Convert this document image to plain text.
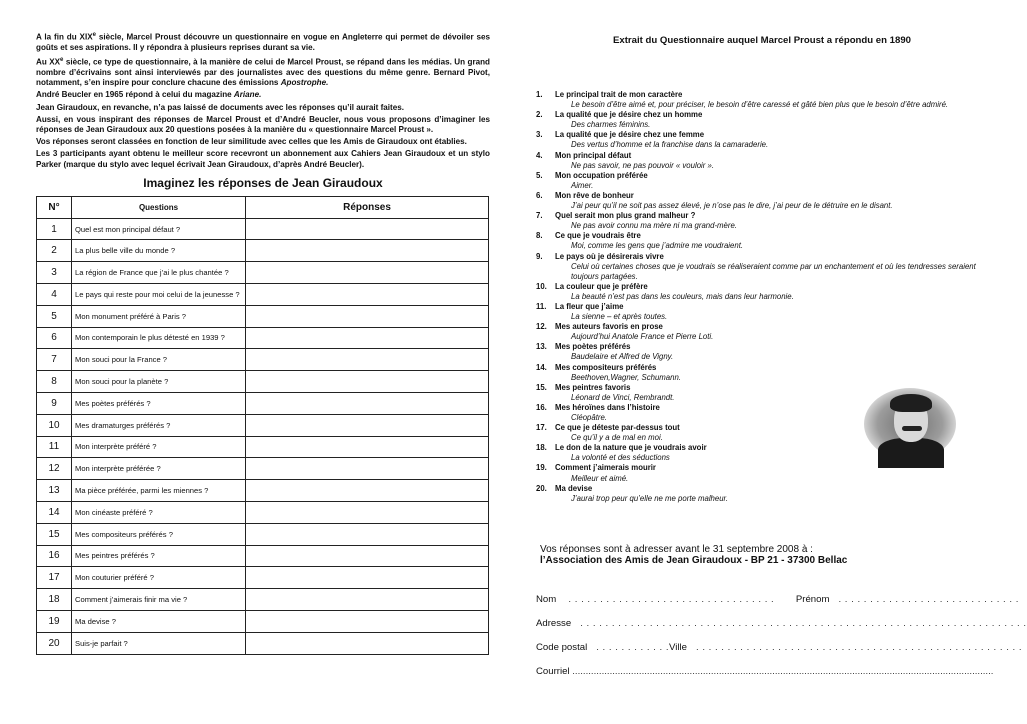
A la fin du XIXe siècle, Marcel Proust découvre un questionnaire en vogue en Angleterre qui permet de dévoiler ses goûts et ses aspirations. Il y répondra à plusieurs reprises durant sa vie.

Au XXe siècle, ce type de questionnaire, à la manière de celui de Marcel Proust, se répand dans les médias. Un grand nombre d’écrivains sont ainsi interviewés par des journalistes avec des questions du même genre. Bernard Pivot, notamment, s’en inspire pour conclure chacune des émissions Apostrophe.

André Beucler en 1965 répond à celui du magazine Ariane.

Jean Giraudoux, en revanche, n’a pas laissé de documents avec les réponses qu’il aurait faites.

Aussi, en vous inspirant des réponses de Marcel Proust et d’André Beucler, nous vous proposons d’imaginer les réponses de Jean Giraudoux aux 20 questions posées à la manière du « questionnaire Marcel Proust ».

Vos réponses seront classées en fonction de leur similitude avec celles que les Amis de Giraudoux ont établies.

Les 3 participants ayant obtenu le meilleur score recevront un abonnement aux Cahiers Jean Giraudoux et un stylo Parker (marque du stylo avec lequel écrivait Jean Giraudoux, d’après André Beucler).

Imaginez les réponses de Jean Giraudoux
N°	Questions	Réponses
1	Quel est mon principal défaut ?	
2	La plus belle ville du monde ?	
3	La région de France que j’ai le plus chantée ?	
4	Le pays qui reste pour moi celui de la jeunesse ?	
5	Mon monument préféré à Paris ?	
6	Mon contemporain le plus détesté en 1939 ?	
7	Mon souci pour la France ?	
8	Mon souci pour la planète ?	
9	Mes poètes préférés ?	
10	Mes dramaturges préférés ?	
11	Mon interprète préféré ?	
12	Mon interprète préférée ?	
13	Ma pièce préférée, parmi les miennes ?	
14	Mon cinéaste préféré ?	
15	Mes compositeurs préférés ?	
16	Mes peintres préférés ?	
17	Mon couturier préféré ?	
18	Comment j’aimerais finir ma vie ?	
19	Ma devise ?	
20	Suis-je parfait ?	
Extrait du Questionnaire auquel Marcel Proust a répondu en 1890
1. Le principal trait de mon caractère
Le besoin d’être aimé et, pour préciser, le besoin d’être caressé et gâté bien plus que le besoin d’être admiré.
2. La qualité que je désire chez un homme
Des charmes féminins.
3. La qualité que je désire chez une femme
Des vertus d’homme et la franchise dans la camaraderie.
4. Mon principal défaut
Ne pas savoir, ne pas pouvoir « vouloir ».
5. Mon occupation préférée
Aimer.
6. Mon rêve de bonheur
J’ai peur qu’il ne soit pas assez élevé, je n’ose pas le dire, j’ai peur de le détruire en le disant.
7. Quel serait mon plus grand malheur ?
Ne pas avoir connu ma mère ni ma grand-mère.
8. Ce que je voudrais être
Moi, comme les gens que j’admire me voudraient.
9. Le pays où je désirerais vivre
Celui où certaines choses que je voudrais se réaliseraient comme par un enchantement et où les tendresses seraient toujours partagées.
10. La couleur que je préfère
La beauté n’est pas dans les couleurs, mais dans leur harmonie.
11. La fleur que j’aime
La sienne – et après toutes.
12. Mes auteurs favoris en prose
Aujourd’hui Anatole France et Pierre Loti.
13. Mes poètes préférés
Baudelaire et Alfred de Vigny.
14. Mes compositeurs préférés
Beethoven,Wagner, Schumann.
15. Mes peintres favoris
Léonard de Vinci, Rembrandt.
16. Mes héroïnes dans l’histoire
Cléopâtre.
17. Ce que je déteste par-dessus tout
Ce qu’il y a de mal en moi.
18. Le don de la nature que je voudrais avoir
La volonté et des séductions
19. Comment j’aimerais mourir
Meilleur et aimé.
20. Ma devise
J’aurai trop peur qu’elle ne me porte malheur.
Vos réponses sont à adresser avant le 31 septembre 2008 à :
l’Association des Amis de Jean Giraudoux - BP 21 - 37300 Bellac
Nom    . . . . . . . . . . . . . . . . . . . . . . . . . . . . . . . . .       Prénom   . . . . . . . . . . . . . . . . . . . . . . . . . . . . .
Adresse   . . . . . . . . . . . . . . . . . . . . . . . . . . . . . . . . . . . . . . . . . . . . . . . . . . . . . . . . . . . . . . . . . . . . . . .
Code postal   . . . . . . . . . . . .Ville   . . . . . . . . . . . . . . . . . . . . . . . . . . . . . . . . . . . . . . . . . . . . . . . . . . . .
Courriel ..............................................................................................................................................................
